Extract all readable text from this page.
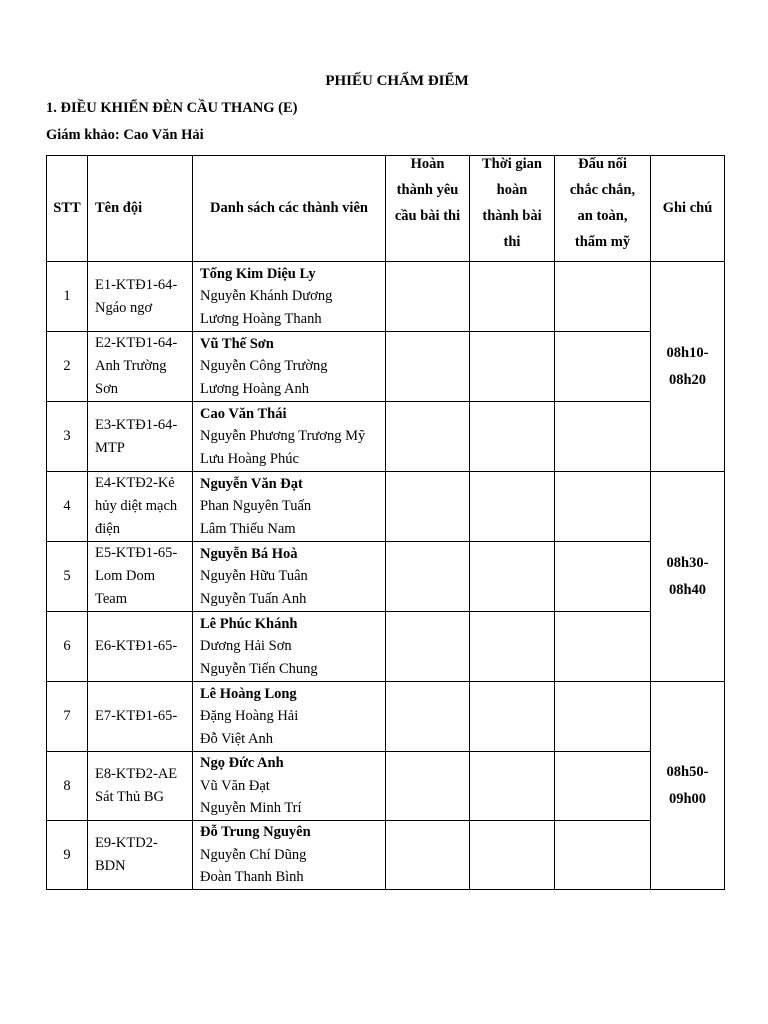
PHIẾU CHẤM ĐIỂM
1. ĐIỀU KHIỂN ĐÈN CẦU THANG (E)
Giám khảo: Cao Văn Hải
STT	Tên đội	Danh sách các thành viên	Hoàn
thành yêu
cầu bài thi	Thời gian
hoàn
thành bài
thi	Đấu nối
chắc chắn,
an toàn,
thẩm mỹ	Ghi chú
1	E1-KTĐ1-64-
Ngáo ngơ	Tống Kim Diệu Ly
Nguyễn Khánh Dương
Lương Hoàng Thanh				08h10-
08h20

2	E2-KTĐ1-64-
Anh Trường
Sơn	Vũ Thế Sơn
Nguyễn Công Trường
Lương Hoàng Anh				

3	E3-KTĐ1-64-
MTP	Cao Văn Thái
Nguyễn Phương Trương Mỹ
Lưu Hoàng Phúc				

4	E4-KTĐ2-Kẻ
hủy diệt mạch
điện	Nguyễn Văn Đạt
Phan Nguyên Tuấn
Lâm Thiếu Nam				08h30-
08h40

5	E5-KTĐ1-65-
Lom Dom
Team	Nguyễn Bá Hoà
Nguyễn Hữu Tuân
Nguyễn Tuấn Anh				

6	E6-KTĐ1-65-	Lê Phúc Khánh
Dương Hải Sơn
Nguyễn Tiến Chung				

7	E7-KTĐ1-65-	Lê Hoàng Long
Đặng Hoàng Hải
Đỗ Việt Anh				08h50-
09h00

8	E8-KTĐ2-AE
Sát Thủ BG	Ngọ Đức Anh
Vũ Văn Đạt
Nguyễn Minh Trí				

9	E9-KTD2-
BDN	Đỗ Trung Nguyên
Nguyễn Chí Dũng
Đoàn Thanh Bình				
